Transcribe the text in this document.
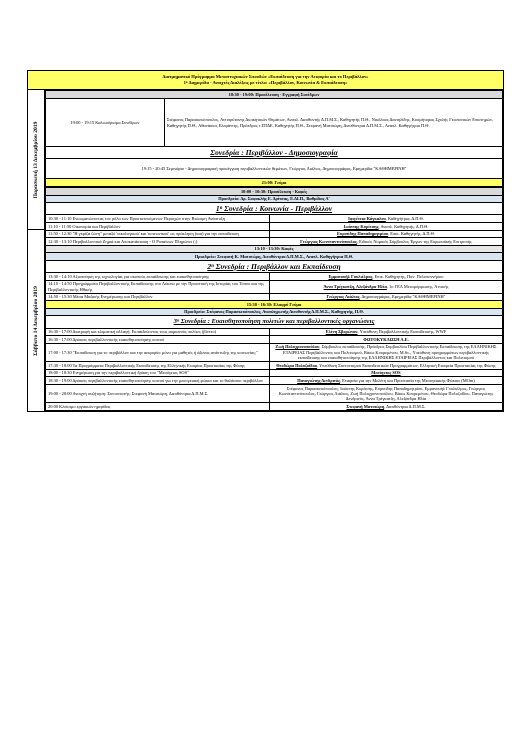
Διατμηματικό Πρόγραμμα Μεταπτυχιακών Σπουδών «Εκπαίδευση για την Αειφορία και το Περιβάλλον»
1ⁿ Διημερίδα - Ανοιχτές Διαλέξεις με τίτλο: «Περιβάλλον, Κοινωνία & Εκπαίδευση»
Παρασκευή 13 Δεκεμβρίου 2019
Σάββατο 14 Δεκεμβρίου 2019
18:30 - 19:00: Προσέλευση - Εγγραφή Συνέδρων
19:00 - 19:15 Καλωσόρισμα Συνέδρων	Στέφανος Παρασκευόπουλος, Αντιπρύτανης Διοικητικών Θεμάτων, Αναπλ. Διευθυντής Δ.Π.Μ.Σ., Καθηγητής Π.Θ., Νικόλαος Δανιηλίδης, Κοσμήτορας Σχολής Γεωπονικών Επιστημών, Καθηγητής Π.Θ., Αθανάσιος Ελεφάντης, Πρόεδρος τ.ΠΤΔΕ, Καθηγητής Π.Θ., Στεφανή Ματσιώρη, Διευθύντρια Δ.Π.Μ.Σ., Αναπλ. Καθηγήτρια Π.Θ.
Συνεδρία : Περιβάλλον - Δημοσιογραφία
19:15 - 20:45 Σεμινάριο - Δημοσιογραφική προσέγγιση περιβαλλοντικών θεμάτων, Γεώργιος Λιάλιος, Δημοσιογράφος, Εφημερίδα "ΚΑΘΗΜΕΡΙΝΗ"
21:00: Γεύμα
10:00 - 10:30: Προσέλευση - Καφές	
Προεδρείο: Δρ. Σοφοκλής Ε. Δρίτσας, Ε.ΔΙ.Π., Βαθμίδας Α'	
1ⁿ Συνεδρία : Κοινωνία - Περιβάλλον	
10:30 - 11:10 Ενσωματώνοντας τον ρόλο των Προστατευόμενων Περιοχών στην Βιώσιμη Ανάπτυξη	Ιφιγένεια Κάγκαλου, Καθηγήτρια, Δ.Π.Θ.
11:10 - 11:50 Οικονομία και Περιβάλλον	Ιωάννης Κυρίτσης, Αναπλ. Καθηγητής, Δ.Π.Θ.
11:50 - 12:30 "Η γκρίζα ζώνη" μεταξύ 'οικολογικού' και 'κοινωνικού' ως πρόκληση (και) για την εκπαίδευση	Ευριπίδης Παπαδημητρίου, Επικ. Καθηγητής, Δ.Π.Θ.
12:30 - 13:10 Περιβαλλοντικά Ζημιά και Αποκατάσταση - Ο Ρυπαίνων Πληρώνει (;)	Γεώργιος Κωνσταντινόπουλος, Ειδικός Νομικός Σύμβουλος Έργων της Ευρωπαϊκής Επιτροπής
13:10 - 13:30: Καφές	
Προεδρείο: Στεφανή Κ. Ματσιώρη, Διευθύντρια Δ.Π.Μ.Σ., Αναπλ. Καθηγήτρια Π.Θ.	
2ⁿ Συνεδρία : Περιβάλλον και Εκπαίδευση	
13:30 - 14:10 Αξιοποίηση της τεχνολογίας για σκοπούς εκπαίδευσης και ευαισθητοποίησης	Εμμανουήλ Γουλιέλμος, Επικ. Καθηγητής, Παν. Πελοποννήσου
14:10 - 14:50 Προγράμματα Περιβαλλοντικής Εκπαίδευσης στο Λύκειο με την Προοπτική της Ιστορίας του Τόπου και της Περιβαλλοντικής Ηθικής	Άννα Τρέγκατζη, Αλεξάνδρα Ηλία, 1ο ΓΕΛ Μεταμόρφωσης, Αττικής
14:50 - 15:30 Μέσα Μαζικής Ενημέρωσης και Περιβάλλον	Γεώργιος Λιάλιος, Δημοσιογράφος, Εφημερίδα "ΚΑΘΗΜΕΡΙΝΗ"
15:30 - 16:30: Ελαφρύ Γεύμα	
Προεδρείο: Στέφανος Παρασκευόπουλος, Αναπληρωτής Διευθυντής Δ.Π.Μ.Σ., Καθηγητής, Π.Θ.	
3ⁿ Συνεδρία : Ευαισθητοποίηση πολιτών και περιβαλλοντικές οργανώσεις	
16:30 - 17:00 Διατροφή και κλιματική αλλαγή: Εκπαιδεύοντας τους αυριανούς πολίτες (βίντεο)	Ελένη Σβορώνου, Υπεύθυνη Περιβαλλοντικής Εκπαίδευσης, WWF
16:30 - 17:00 Δράσεις περιβαλλοντικής ευαισθητοποίησης κοινού	ΦΩΤΟΚΥΚΛΩΣΗ Α.Ε.
17:00 - 17:30 "Εκπαίδευση για το περιβάλλον και την αειφορία: μόνο για μαθητές ή άξονας ανάπτυξης της κοινωνίας;"	Ζωή Πολυχρονοπούλου, Σύμβουλος εκπαίδευσης, Πρόεδρος Συμβουλίου Περιβαλλοντικής Εκπαίδευσης της ΕΛΛΗΝΙΚΗΣ ΕΤΑΙΡΕΙΑΣ Περιβάλλοντος και Πολιτισμού, Βάσω Κουρεμένου, M.Sc., Υπεύθυνη προγραμμάτων περιβαλλοντικής εκπαίδευσης και ευαισθητοποίησης της ΕΛΛΗΝΙΚΗΣ ΕΤΑΙΡΕΙΑΣ Περιβάλλοντος και Πολιτισμού
17:30 - 18:00 Τα Προγράμματα Περιβαλλοντικής Εκπαίδευσης της Ελληνικής Εταιρίας Προστασίας της Φύσης	Θεοδώρα Πολυζοΐδου, Υπεύθυνη Συντονισμού Εκπαιδευτικών Προγραμμάτων, Ελληνική Εταιρεία Προστασίας της Φύσης
18:00 - 18:30 Ενημέρωση για την περιβαλλοντική δράση του "Μεσόγειος SOS"	Μεσόγειος SOS
18:30 - 19:00 Δράσεις περιβαλλοντικής ευαισθητοποίησης κοινού για την μεσογειακή φώκια και το θαλάσσιο περιβάλλον	Παναγιώτης Δενδρινός, Εταιρεία για την Μελέτη και Προστασία της Μεσογειακής Φώκιας (ΜΟm)
19:00 - 20:00 Ανοιχτή συζήτηση: Συντονιστής: Στεφανή Ματσιώρη, Διευθύντρια Δ.Π.Μ.Σ.	Στέφανος Παρασκευόπουλος, Ιωάννης Κυρίτσης, Ευριπίδης Παπαδημητρίου, Εμμανουήλ Γουλιέλμος, Γεώργιος Κωνσταντινόπουλος, Γεώργιος Λιάλιος, Ζωή Πολυχρονοπούλου, Βάσω Κουρεμένου, Θεοδώρα Πολυζοΐδου, Παναγιώτης Δενδρινός, Άννα Τρέγκατζη, Αλεξάνδρα Ηλία
20:00 Κλείσιμο εργασιών ημερίδας	Στεφανή Ματσιώρη, Διευθύντρια Δ.Π.Μ.Σ.
